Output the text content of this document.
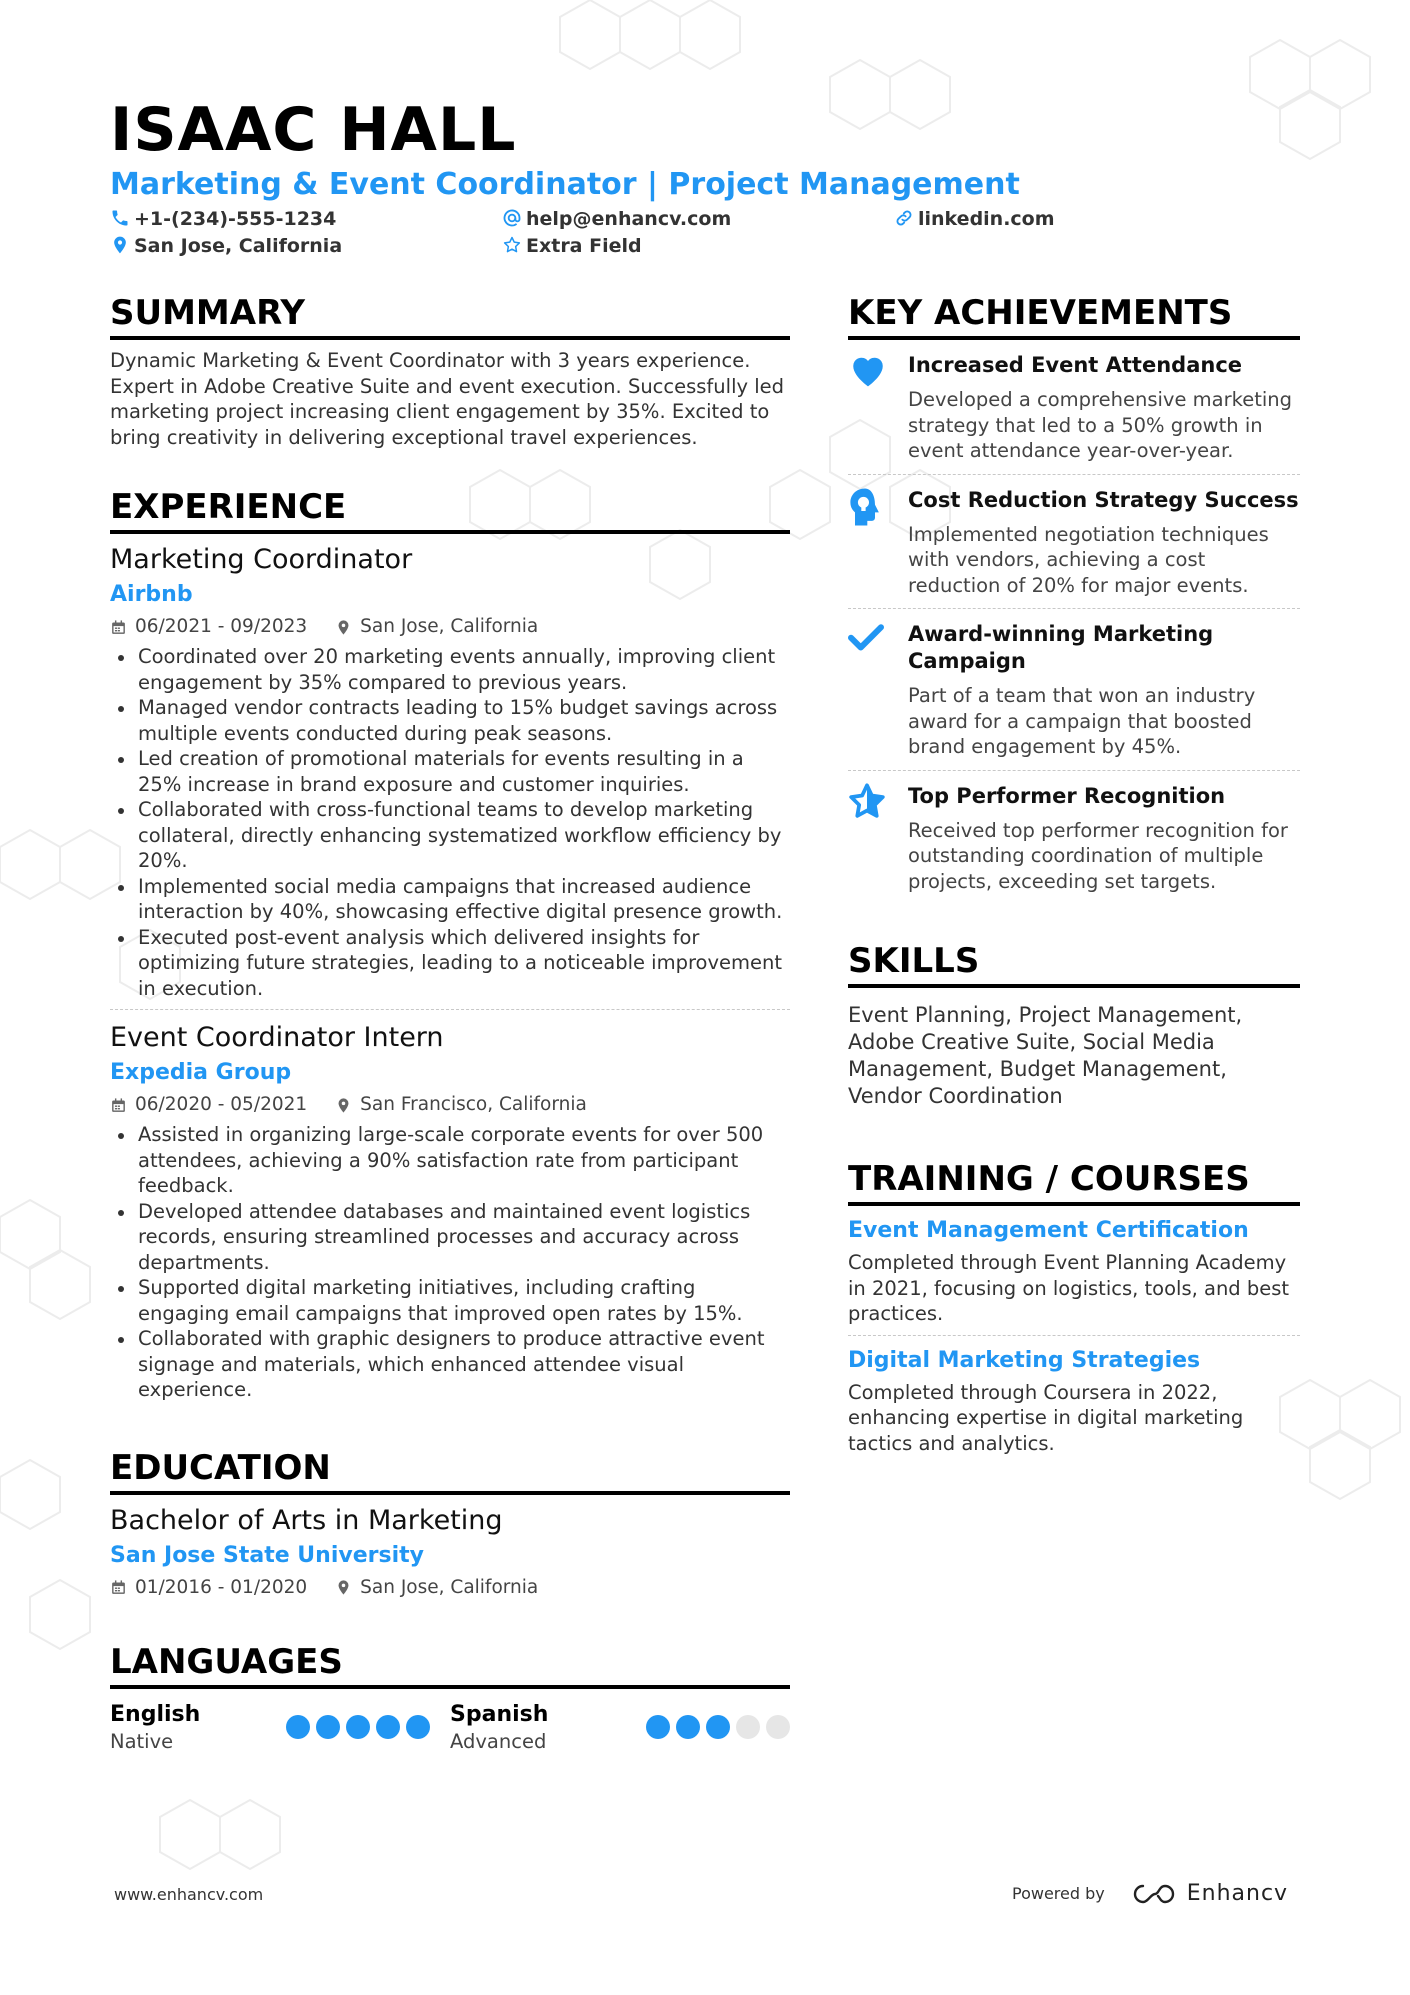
ISAAC HALL
Marketing & Event Coordinator | Project Management
+1-(234)-555-1234	help@enhancv.com	linkedin.com
San Jose, California	Extra Field
SUMMARY

Dynamic Marketing & Event Coordinator with 3 years experience. Expert in Adobe Creative Suite and event execution. Successfully led marketing project increasing client engagement by 35%. Excited to bring creativity in delivering exceptional travel experiences.

EXPERIENCE
Marketing Coordinator
Airbnb
06/2021 - 09/2023	San Jose, California
Coordinated over 20 marketing events annually, improving client engagement by 35% compared to previous years.
Managed vendor contracts leading to 15% budget savings across multiple events conducted during peak seasons.
Led creation of promotional materials for events resulting in a 25% increase in brand exposure and customer inquiries.
Collaborated with cross-functional teams to develop marketing collateral, directly enhancing systematized workflow efficiency by 20%.
Implemented social media campaigns that increased audience interaction by 40%, showcasing effective digital presence growth.
Executed post-event analysis which delivered insights for optimizing future strategies, leading to a noticeable improvement in execution.
Event Coordinator Intern
Expedia Group
06/2020 - 05/2021	San Francisco, California
Assisted in organizing large-scale corporate events for over 500 attendees, achieving a 90% satisfaction rate from participant feedback.
Developed attendee databases and maintained event logistics records, ensuring streamlined processes and accuracy across departments.
Supported digital marketing initiatives, including crafting engaging email campaigns that improved open rates by 15%.
Collaborated with graphic designers to produce attractive event signage and materials, which enhanced attendee visual experience.
EDUCATION
Bachelor of Arts in Marketing
San Jose State University
01/2016 - 01/2020	San Jose, California
LANGUAGES
English
Native
Spanish
Advanced
KEY ACHIEVEMENTS
Increased Event Attendance

Developed a comprehensive marketing strategy that led to a 50% growth in event attendance year-over-year.

Cost Reduction Strategy Success

Implemented negotiation techniques with vendors, achieving a cost reduction of 20% for major events.

Award-winning Marketing Campaign

Part of a team that won an industry award for a campaign that boosted brand engagement by 45%.

Top Performer Recognition

Received top performer recognition for outstanding coordination of multiple projects, exceeding set targets.

SKILLS

Event Planning, Project Management, Adobe Creative Suite, Social Media Management, Budget Management, Vendor Coordination

TRAINING / COURSES
Event Management Certification

Completed through Event Planning Academy in 2021, focusing on logistics, tools, and best practices.

Digital Marketing Strategies

Completed through Coursera in 2022, enhancing expertise in digital marketing tactics and analytics.

www.enhancv.com	Powered by	Enhancv
